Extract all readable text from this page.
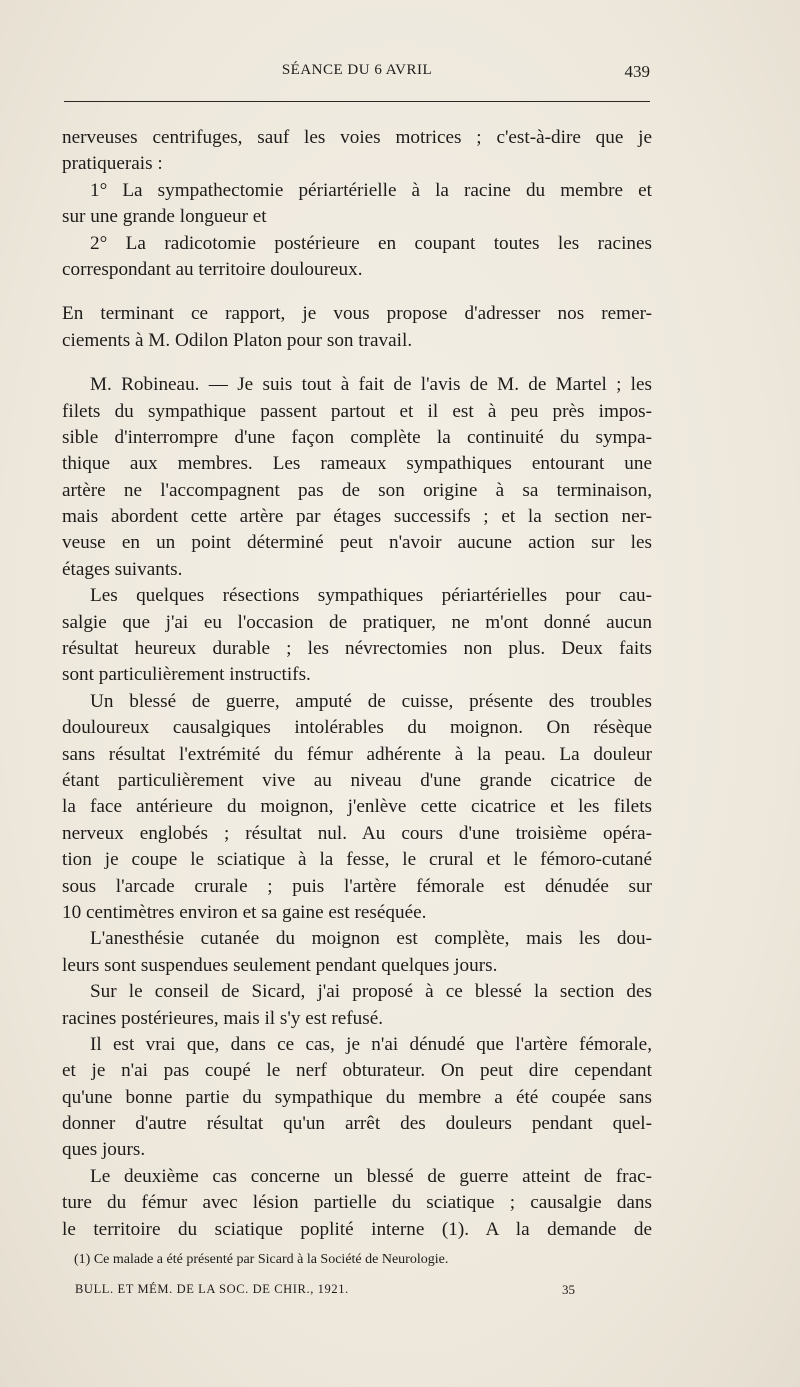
SÉANCE DU 6 AVRIL	439
nerveuses centrifuges, sauf les voies motrices ; c'est-à-dire que je
pratiquerais :
1° La sympathectomie périartérielle à la racine du membre et
sur une grande longueur et
2° La radicotomie postérieure en coupant toutes les racines
correspondant au territoire douloureux.
En terminant ce rapport, je vous propose d'adresser nos remer-
ciements à M. Odilon Platon pour son travail.
M. Robineau. — Je suis tout à fait de l'avis de M. de Martel ; les
filets du sympathique passent partout et il est à peu près impos-
sible d'interrompre d'une façon complète la continuité du sympa-
thique aux membres. Les rameaux sympathiques entourant une
artère ne l'accompagnent pas de son origine à sa terminaison,
mais abordent cette artère par étages successifs ; et la section ner-
veuse en un point déterminé peut n'avoir aucune action sur les
étages suivants.
Les quelques résections sympathiques périartérielles pour cau-
salgie que j'ai eu l'occasion de pratiquer, ne m'ont donné aucun
résultat heureux durable ; les névrectomies non plus. Deux faits
sont particulièrement instructifs.
Un blessé de guerre, amputé de cuisse, présente des troubles
douloureux causalgiques intolérables du moignon. On résèque
sans résultat l'extrémité du fémur adhérente à la peau. La douleur
étant particulièrement vive au niveau d'une grande cicatrice de
la face antérieure du moignon, j'enlève cette cicatrice et les filets
nerveux englobés ; résultat nul. Au cours d'une troisième opéra-
tion je coupe le sciatique à la fesse, le crural et le fémoro-cutané
sous l'arcade crurale ; puis l'artère fémorale est dénudée sur
10 centimètres environ et sa gaine est reséquée.
L'anesthésie cutanée du moignon est complète, mais les dou-
leurs sont suspendues seulement pendant quelques jours.
Sur le conseil de Sicard, j'ai proposé à ce blessé la section des
racines postérieures, mais il s'y est refusé.
Il est vrai que, dans ce cas, je n'ai dénudé que l'artère fémorale,
et je n'ai pas coupé le nerf obturateur. On peut dire cependant
qu'une bonne partie du sympathique du membre a été coupée sans
donner d'autre résultat qu'un arrêt des douleurs pendant quel-
ques jours.
Le deuxième cas concerne un blessé de guerre atteint de frac-
ture du fémur avec lésion partielle du sciatique ; causalgie dans
le territoire du sciatique poplité interne (1). A la demande de
(1) Ce malade a été présenté par Sicard à la Société de Neurologie.
BULL. ET MÉM. DE LA SOC. DE CHIR., 1921.	35
